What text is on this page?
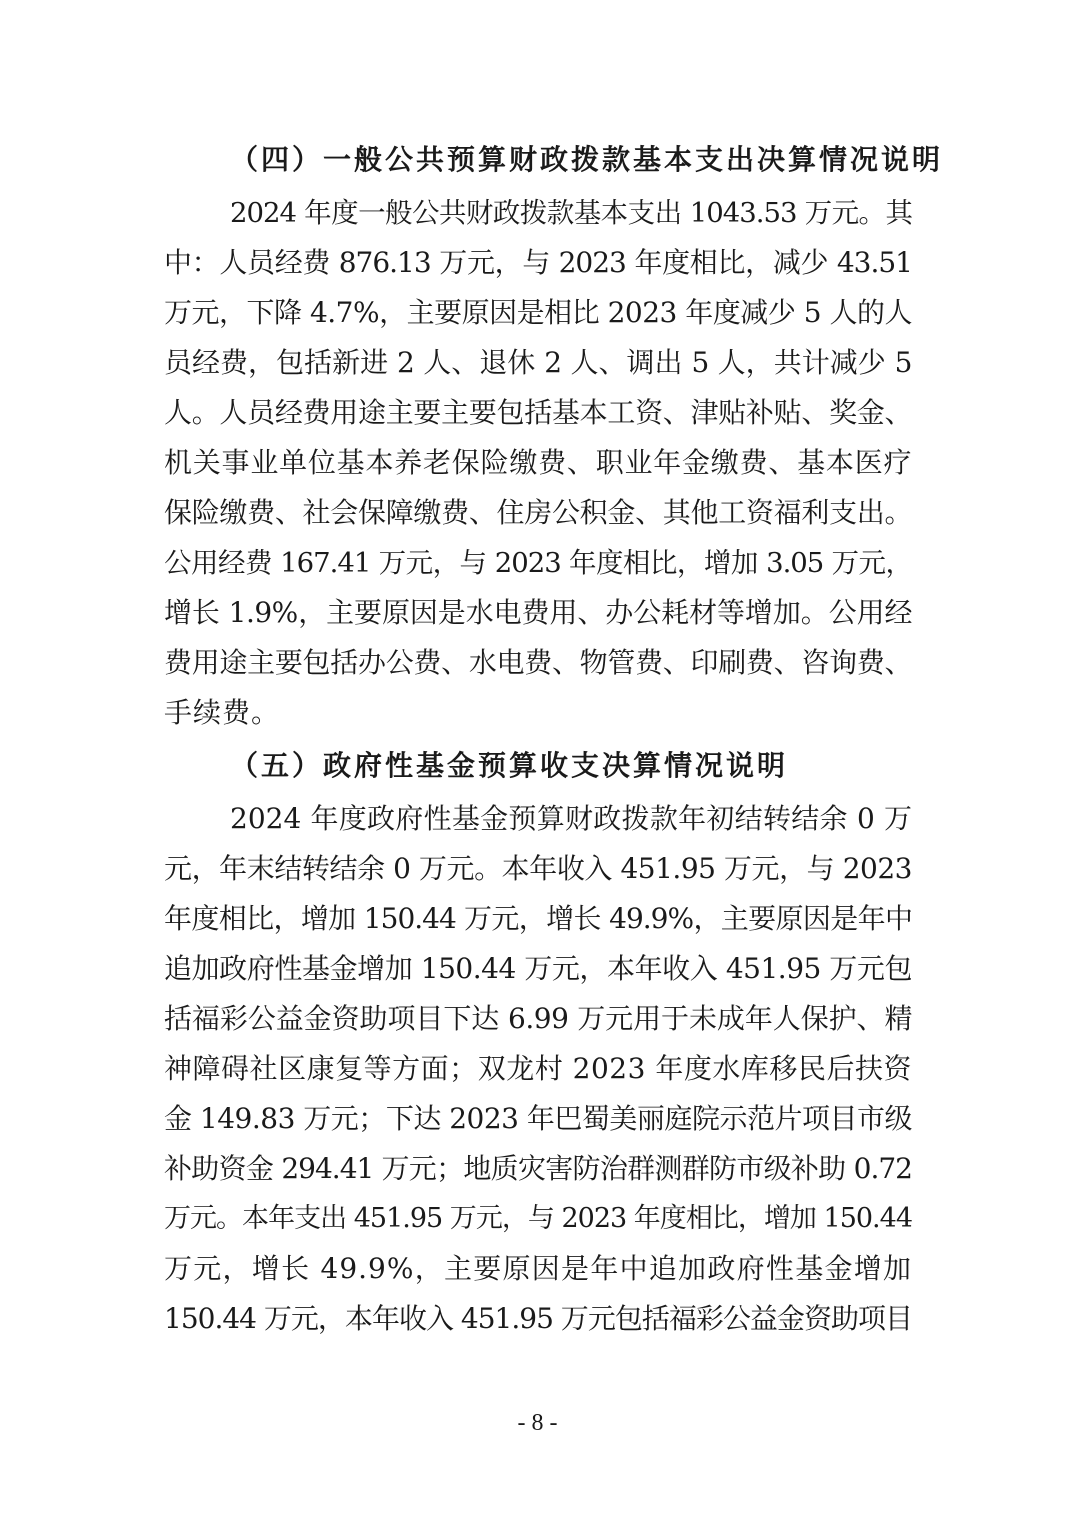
（四）一般公共预算财政拨款基本支出决算情况说明
2024 年度一般公共财政拨款基本支出 1043.53 万元。其
中：人员经费 876.13 万元，与 2023 年度相比，减少 43.51
万元，下降 4.7%，主要原因是相比 2023 年度减少 5 人的人
员经费，包括新进 2 人、退休 2 人、调出 5 人，共计减少 5
人。人员经费用途主要主要包括基本工资、津贴补贴、奖金、
机关事业单位基本养老保险缴费、职业年金缴费、基本医疗
保险缴费、社会保障缴费、住房公积金、其他工资福利支出。
公用经费 167.41 万元，与 2023 年度相比，增加 3.05 万元，
增长 1.9%，主要原因是水电费用、办公耗材等增加。公用经
费用途主要包括办公费、水电费、物管费、印刷费、咨询费、
手续费。
（五）政府性基金预算收支决算情况说明
2024 年度政府性基金预算财政拨款年初结转结余 0 万
元，年末结转结余 0 万元。本年收入 451.95 万元，与 2023
年度相比，增加 150.44 万元，增长 49.9%，主要原因是年中
追加政府性基金增加 150.44 万元，本年收入 451.95 万元包
括福彩公益金资助项目下达 6.99 万元用于未成年人保护、精
神障碍社区康复等方面；双龙村 2023 年度水库移民后扶资
金 149.83 万元；下达 2023 年巴蜀美丽庭院示范片项目市级
补助资金 294.41 万元；地质灾害防治群测群防市级补助 0.72
万元。本年支出 451.95 万元，与 2023 年度相比，增加 150.44
万元，增长 49.9%，主要原因是年中追加政府性基金增加
150.44 万元，本年收入 451.95 万元包括福彩公益金资助项目
- 8 -
